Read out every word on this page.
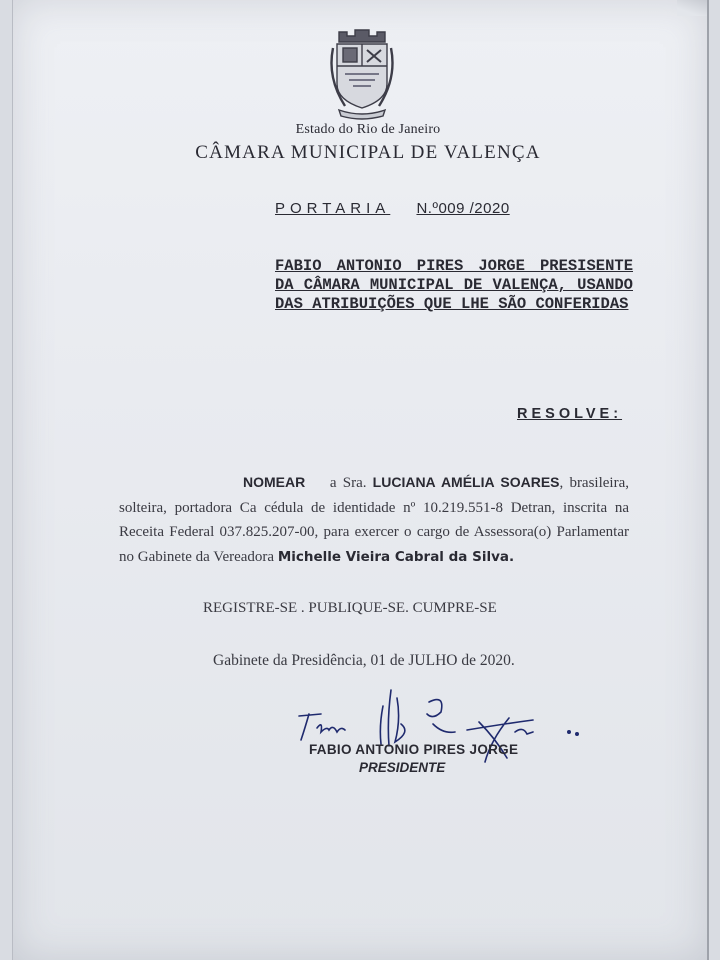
Estado do Rio de Janeiro
CÂMARA MUNICIPAL DE VALENÇA
PORTARIA N.º009 /2020
FABIO ANTONIO PIRES JORGE PRESISENTE DA CÂMARA MUNICIPAL DE VALENÇA, USANDO DAS ATRIBUIÇÕES QUE LHE SÃO CONFERIDAS
RESOLVE:
NOMEAR a Sra. LUCIANA AMÉLIA SOARES, brasileira, solteira, portadora Ca cédula de identidade nº 10.219.551-8 Detran, inscrita na Receita Federal 037.825.207-00, para exercer o cargo de Assessora(o) Parlamentar no Gabinete da Vereadora Michelle Vieira Cabral da Silva.
REGISTRE-SE . PUBLIQUE-SE. CUMPRE-SE
Gabinete da Presidência, 01 de JULHO de 2020.
FABIO ANTONIO PIRES JORGE
PRESIDENTE
